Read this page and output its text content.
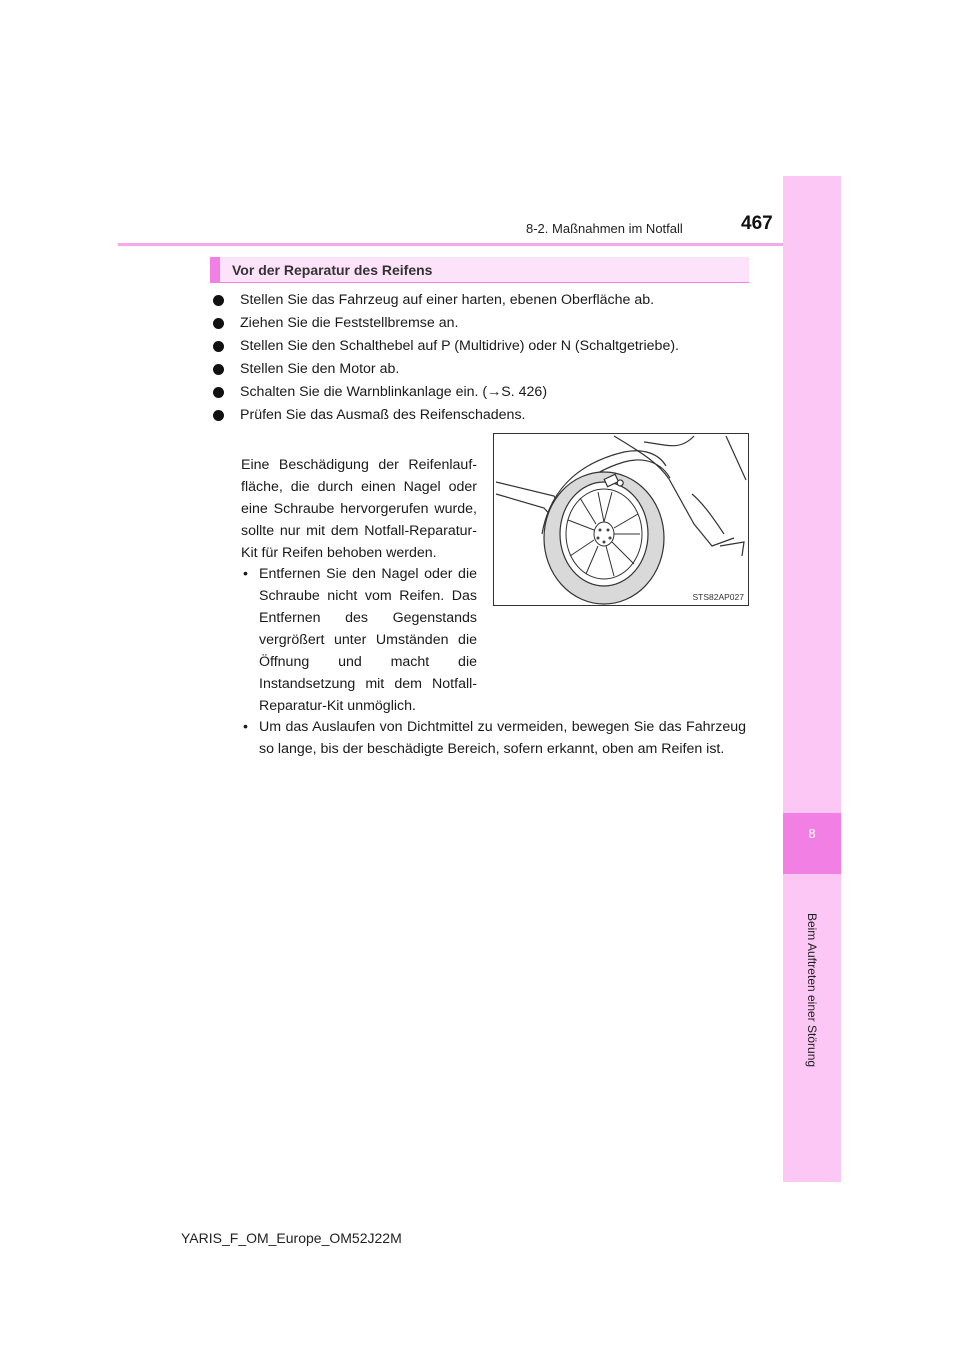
8
Beim Auftreten einer Störung
8-2. Maßnahmen im Notfall	467
Vor der Reparatur des Reifens
Stellen Sie das Fahrzeug auf einer harten, ebenen Oberfläche ab.
Ziehen Sie die Feststellbremse an.
Stellen Sie den Schalthebel auf P (Multidrive) oder N (Schaltgetriebe).
Stellen Sie den Motor ab.
Schalten Sie die Warnblinkanlage ein. (→S. 426)
Prüfen Sie das Ausmaß des Reifenschadens.

Eine Beschädigung der Reifenlauffläche, die durch einen Nagel oder eine Schraube hervorgerufen wurde, sollte nur mit dem Notfall-Reparatur-Kit für Reifen behoben werden.

• Entfernen Sie den Nagel oder die Schraube nicht vom Reifen. Das Entfernen des Gegenstands vergrößert unter Umständen die Öffnung und macht die Instandsetzung mit dem Notfall-Reparatur-Kit unmöglich.
• Um das Auslaufen von Dichtmittel zu vermeiden, bewegen Sie das Fahrzeug so lange, bis der beschädigte Bereich, sofern erkannt, oben am Reifen ist.
STS82AP027
YARIS_F_OM_Europe_OM52J22M
